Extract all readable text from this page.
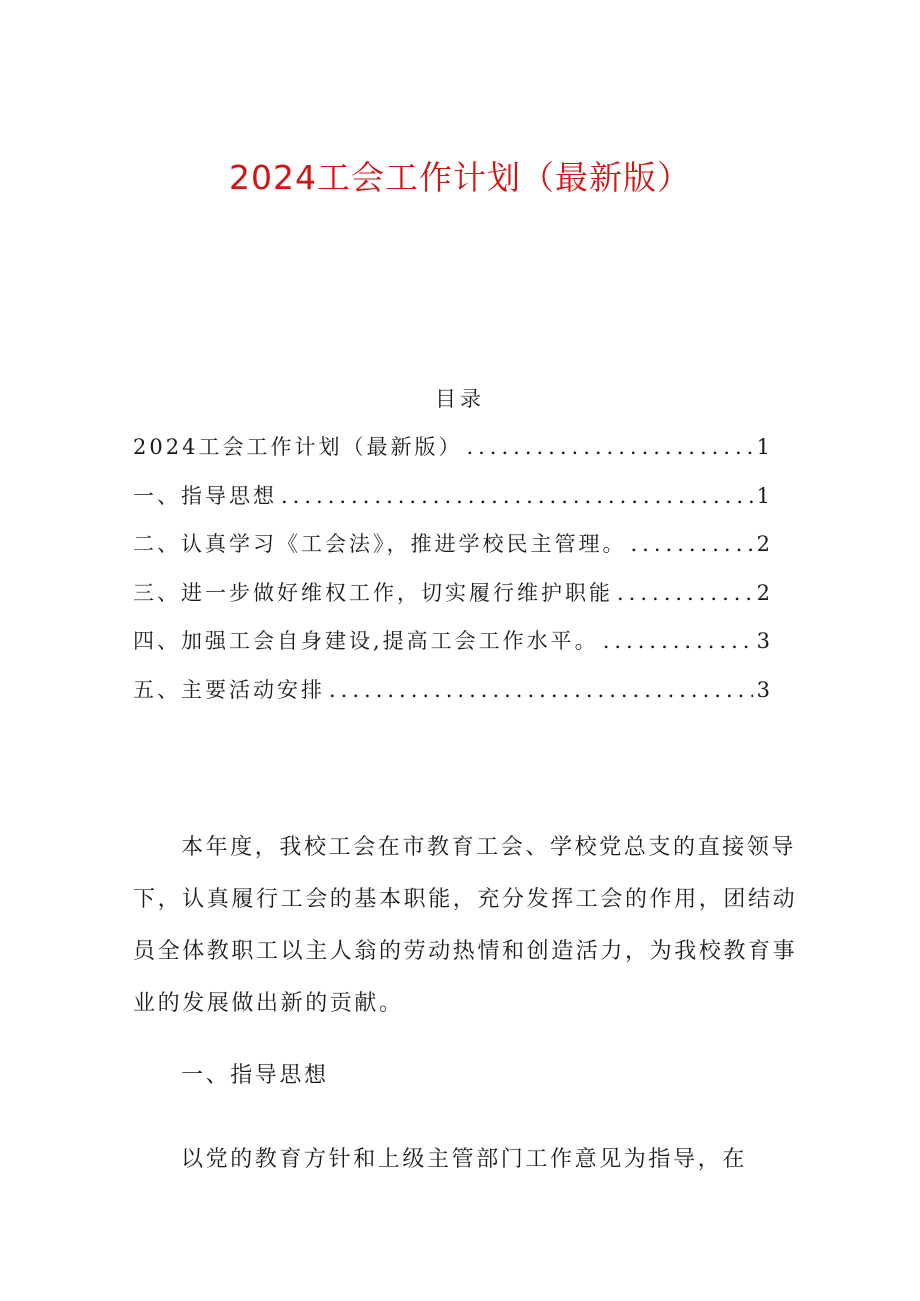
2024工会工作计划（最新版）
目录
2024工会工作计划（最新版） .....	1
一、指导思想 .....	1
二、认真学习《工会法》，推进学校民主管理。 .....	2
三、进一步做好维权工作，切实履行维护职能 .....	2
四、加强工会自身建设,提高工会工作水平。 .....	3
五、主要活动安排 .....	3

本年度，我校工会在市教育工会、学校党总支的直接领导下，认真履行工会的基本职能，充分发挥工会的作用，团结动员全体教职工以主人翁的劳动热情和创造活力，为我校教育事业的发展做出新的贡献。

一、指导思想

以党的教育方针和上级主管部门工作意见为指导，在
